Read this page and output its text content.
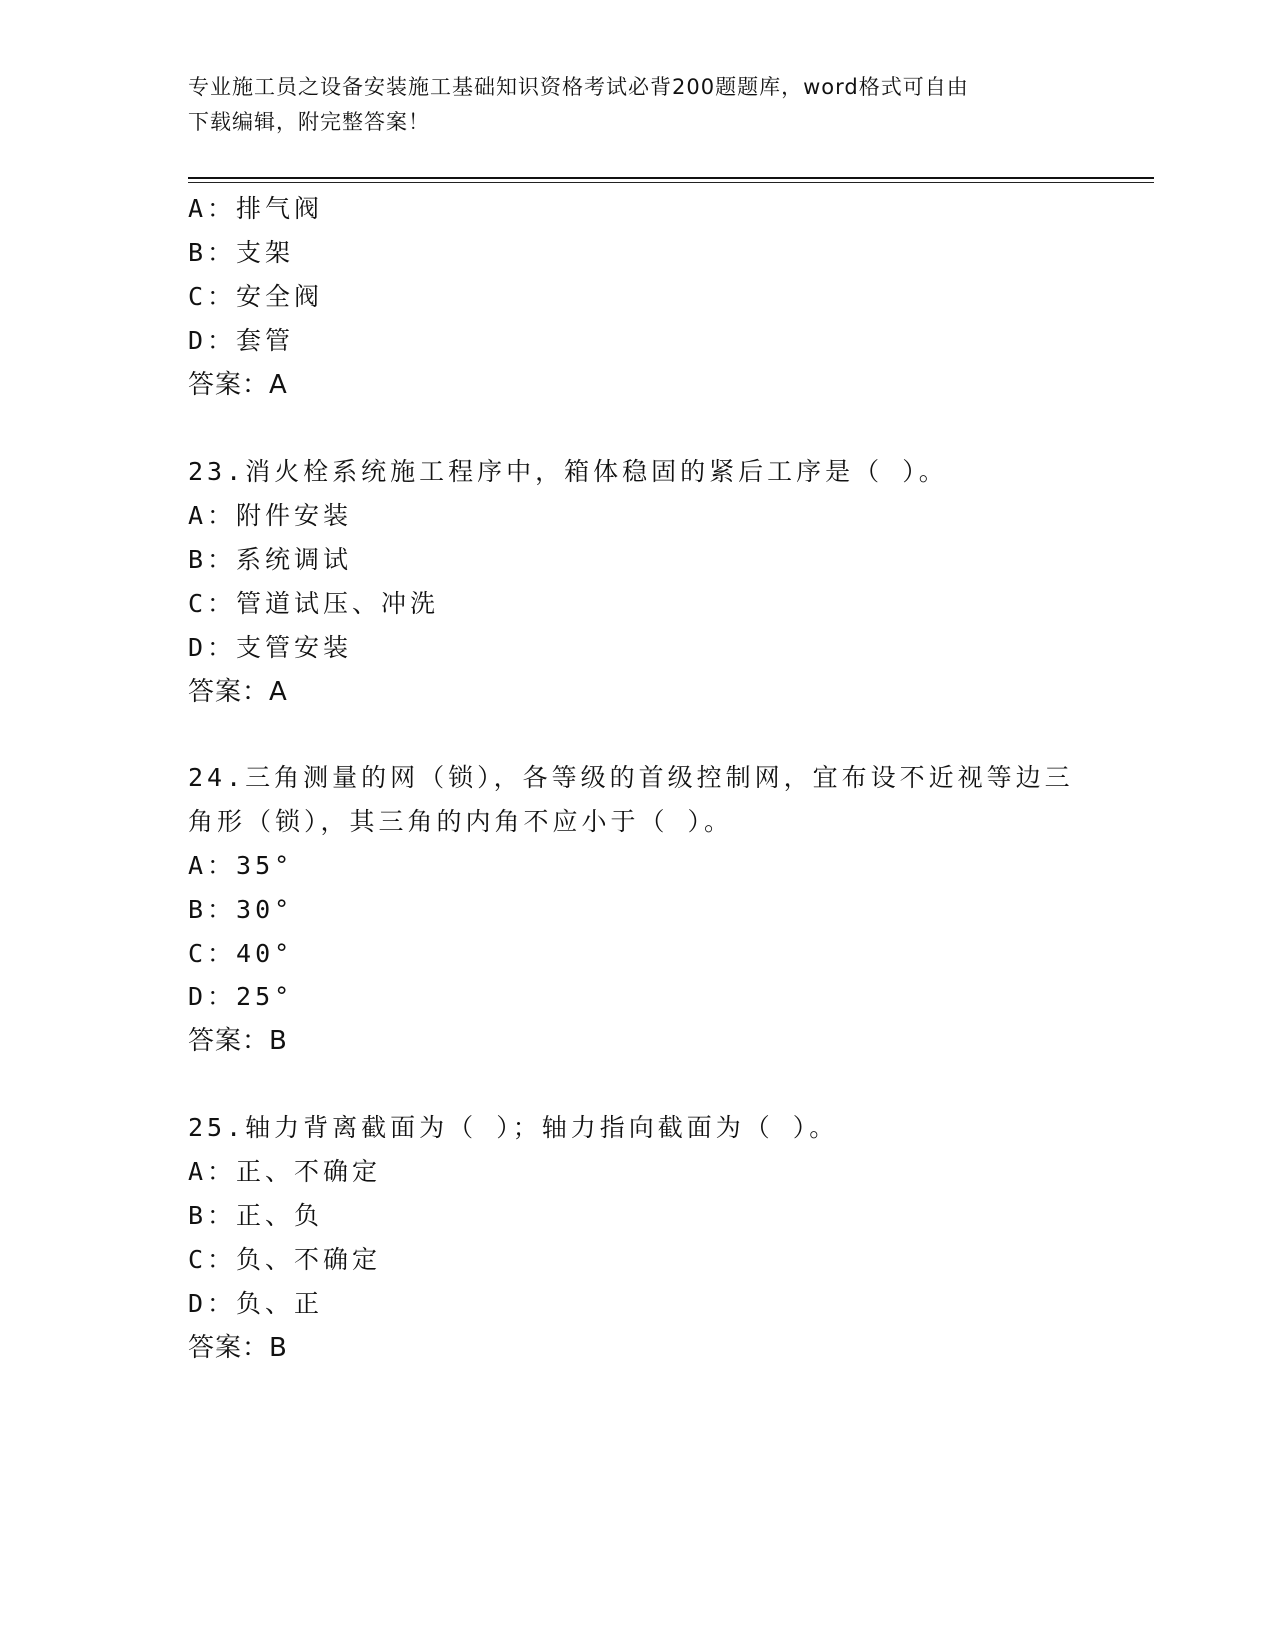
专业施工员之设备安装施工基础知识资格考试必背200题题库，word格式可自由
下载编辑，附完整答案！
A：排气阀
B：支架
C：安全阀
D：套管
答案：A
23.消火栓系统施工程序中，箱体稳固的紧后工序是（ ）。
A：附件安装
B：系统调试
C：管道试压、冲洗
D：支管安装
答案：A
24.三角测量的网（锁），各等级的首级控制网，宜布设不近视等边三
角形（锁），其三角的内角不应小于（ ）。
A：35°
B：30°
C：40°
D：25°
答案：B
25.轴力背离截面为（ ）；轴力指向截面为（ ）。
A：正、不确定
B：正、负
C：负、不确定
D：负、正
答案：B
